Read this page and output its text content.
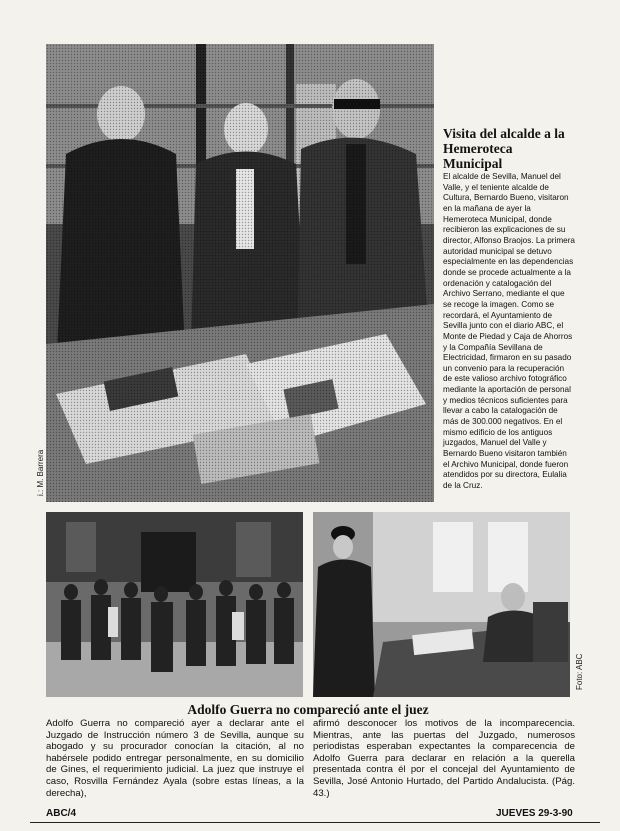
i.: M. Barrera
Visita del alcalde a la Hemeroteca Municipal

El alcalde de Sevilla, Manuel del Valle, y el teniente alcalde de Cultura, Bernardo Bueno, visitaron en la mañana de ayer la Hemeroteca Municipal, donde recibieron las explicaciones de su director, Alfonso Braojos. La primera autoridad municipal se detuvo especialmente en las dependencias donde se procede actualmente a la ordenación y catalogación del Archivo Serrano, mediante el que se recoge la imagen. Como se recordará, el Ayuntamiento de Sevilla junto con el diario ABC, el Monte de Piedad y Caja de Ahorros y la Compañía Sevillana de Electricidad, firmaron en su pasado un convenio para la recuperación de este valioso archivo fotográfico mediante la aportación de personal y medios técnicos suficientes para llevar a cabo la catalogación de más de 300.000 negativos. En el mismo edificio de los antiguos juzgados, Manuel del Valle y Bernardo Bueno visitaron también el Archivo Municipal, donde fueron atendidos por su directora, Eulalia de la Cruz.

Foto: ABC
Adolfo Guerra no compareció ante el juez

Adolfo Guerra no compareció ayer a declarar ante el Juzgado de Instrucción número 3 de Sevilla, aunque su abogado y su procurador conocían la citación, al no habérsele podido entregar personalmente, en su domicilio de Gines, el requerimiento judicial. La juez que instruye el caso, Rosvilla Fernández Ayala (sobre estas líneas, a la derecha),

afirmó desconocer los motivos de la incomparecencia. Mientras, ante las puertas del Juzgado, numerosos periodistas esperaban expectantes la comparecencia de Adolfo Guerra para declarar en relación a la querella presentada contra él por el concejal del Ayuntamiento de Sevilla, José Antonio Hurtado, del Partido Andalucista. (Pág. 43.)

ABC/4	JUEVES 29-3-90
